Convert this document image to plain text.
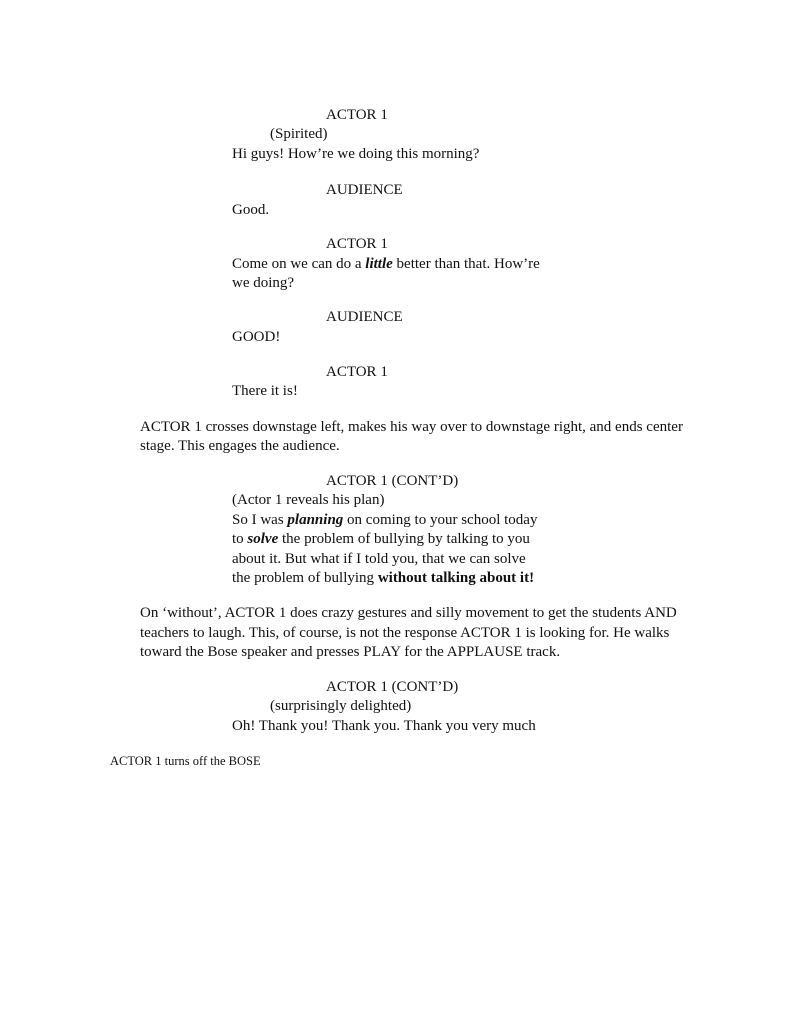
ACTOR 1
(Spirited)
Hi guys! How’re we doing this morning?
AUDIENCE
Good.
ACTOR 1
Come on we can do a little better than that. How’re
we doing?
AUDIENCE
GOOD!
ACTOR 1
There it is!
ACTOR 1 crosses downstage left, makes his way over to downstage right, and ends center
stage. This engages the audience.
ACTOR 1 (CONT’D)
(Actor 1 reveals his plan)
So I was planning on coming to your school today
to solve the problem of bullying by talking to you
about it. But what if I told you, that we can solve
the problem of bullying without talking about it!
On ‘without’, ACTOR 1 does crazy gestures and silly movement to get the students AND
teachers to laugh. This, of course, is not the response ACTOR 1 is looking for. He walks
toward the Bose speaker and presses PLAY for the APPLAUSE track.
ACTOR 1 (CONT’D)
(surprisingly delighted)
Oh! Thank you! Thank you. Thank you very much
ACTOR 1 turns off the BOSE
